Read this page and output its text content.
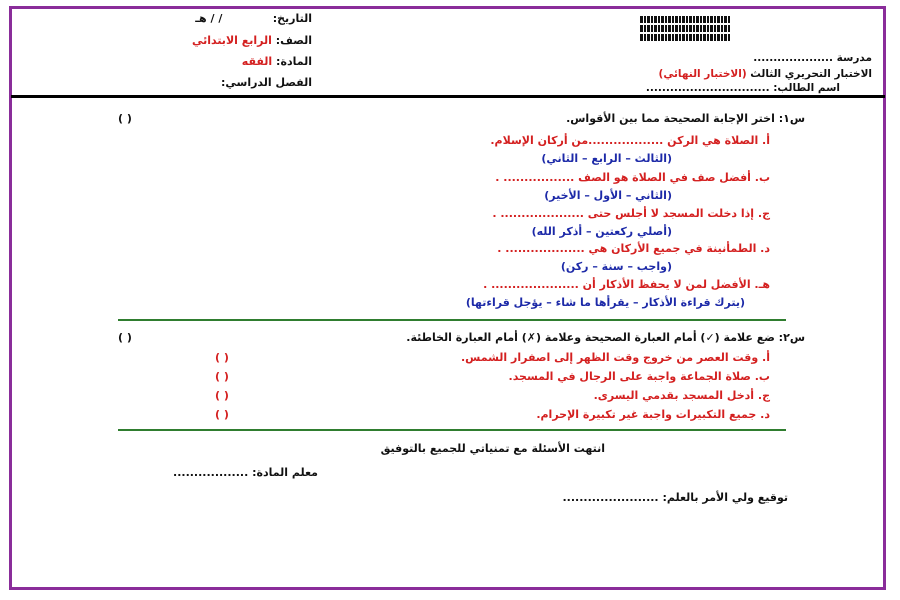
التاريخ: / / هـ
الصف: الرابع الابتدائي
المادة: الفقه
الفصل الدراسي:
مدرسة ....................
الاختبار التحريري الثالث (الاختبار النهائي)
اسم الطالب: ...............................
س١: اختر الإجابة الصحيحة مما بين الأقواس.
( )
أ. الصلاة هي الركن ..................من أركان الإسلام.
(الثالث – الرابع – الثاني)
ب. أفضل صف في الصلاة هو الصف ................. .
(الثاني – الأول – الأخير)
ج. إذا دخلت المسجد لا أجلس حتى .................... .
(أصلي ركعتين – أذكر الله)
د. الطمأنينة في جميع الأركان هي ................... .
(واجب – سنة – ركن)
هـ. الأفضل لمن لا يحفظ الأذكار أن ..................... .
(يترك قراءة الأذكار – يقرأها ما شاء – يؤجل قراءتها)
س٢: ضع علامة (✓) أمام العبارة الصحيحة وعلامة (✗) أمام العبارة الخاطئة.
( )
أ. وقت العصر من خروج وقت الظهر إلى اصفرار الشمس.
( )
ب. صلاة الجماعة واجبة على الرجال في المسجد.
( )
ج. أدخل المسجد بقدمي اليسرى.
( )
د. جميع التكبيرات واجبة غير تكبيرة الإحرام.
( )
انتهت الأسئلة مع تمنياتي للجميع بالتوفيق
معلم المادة: ..................
توقيع ولي الأمر بالعلم: .......................
